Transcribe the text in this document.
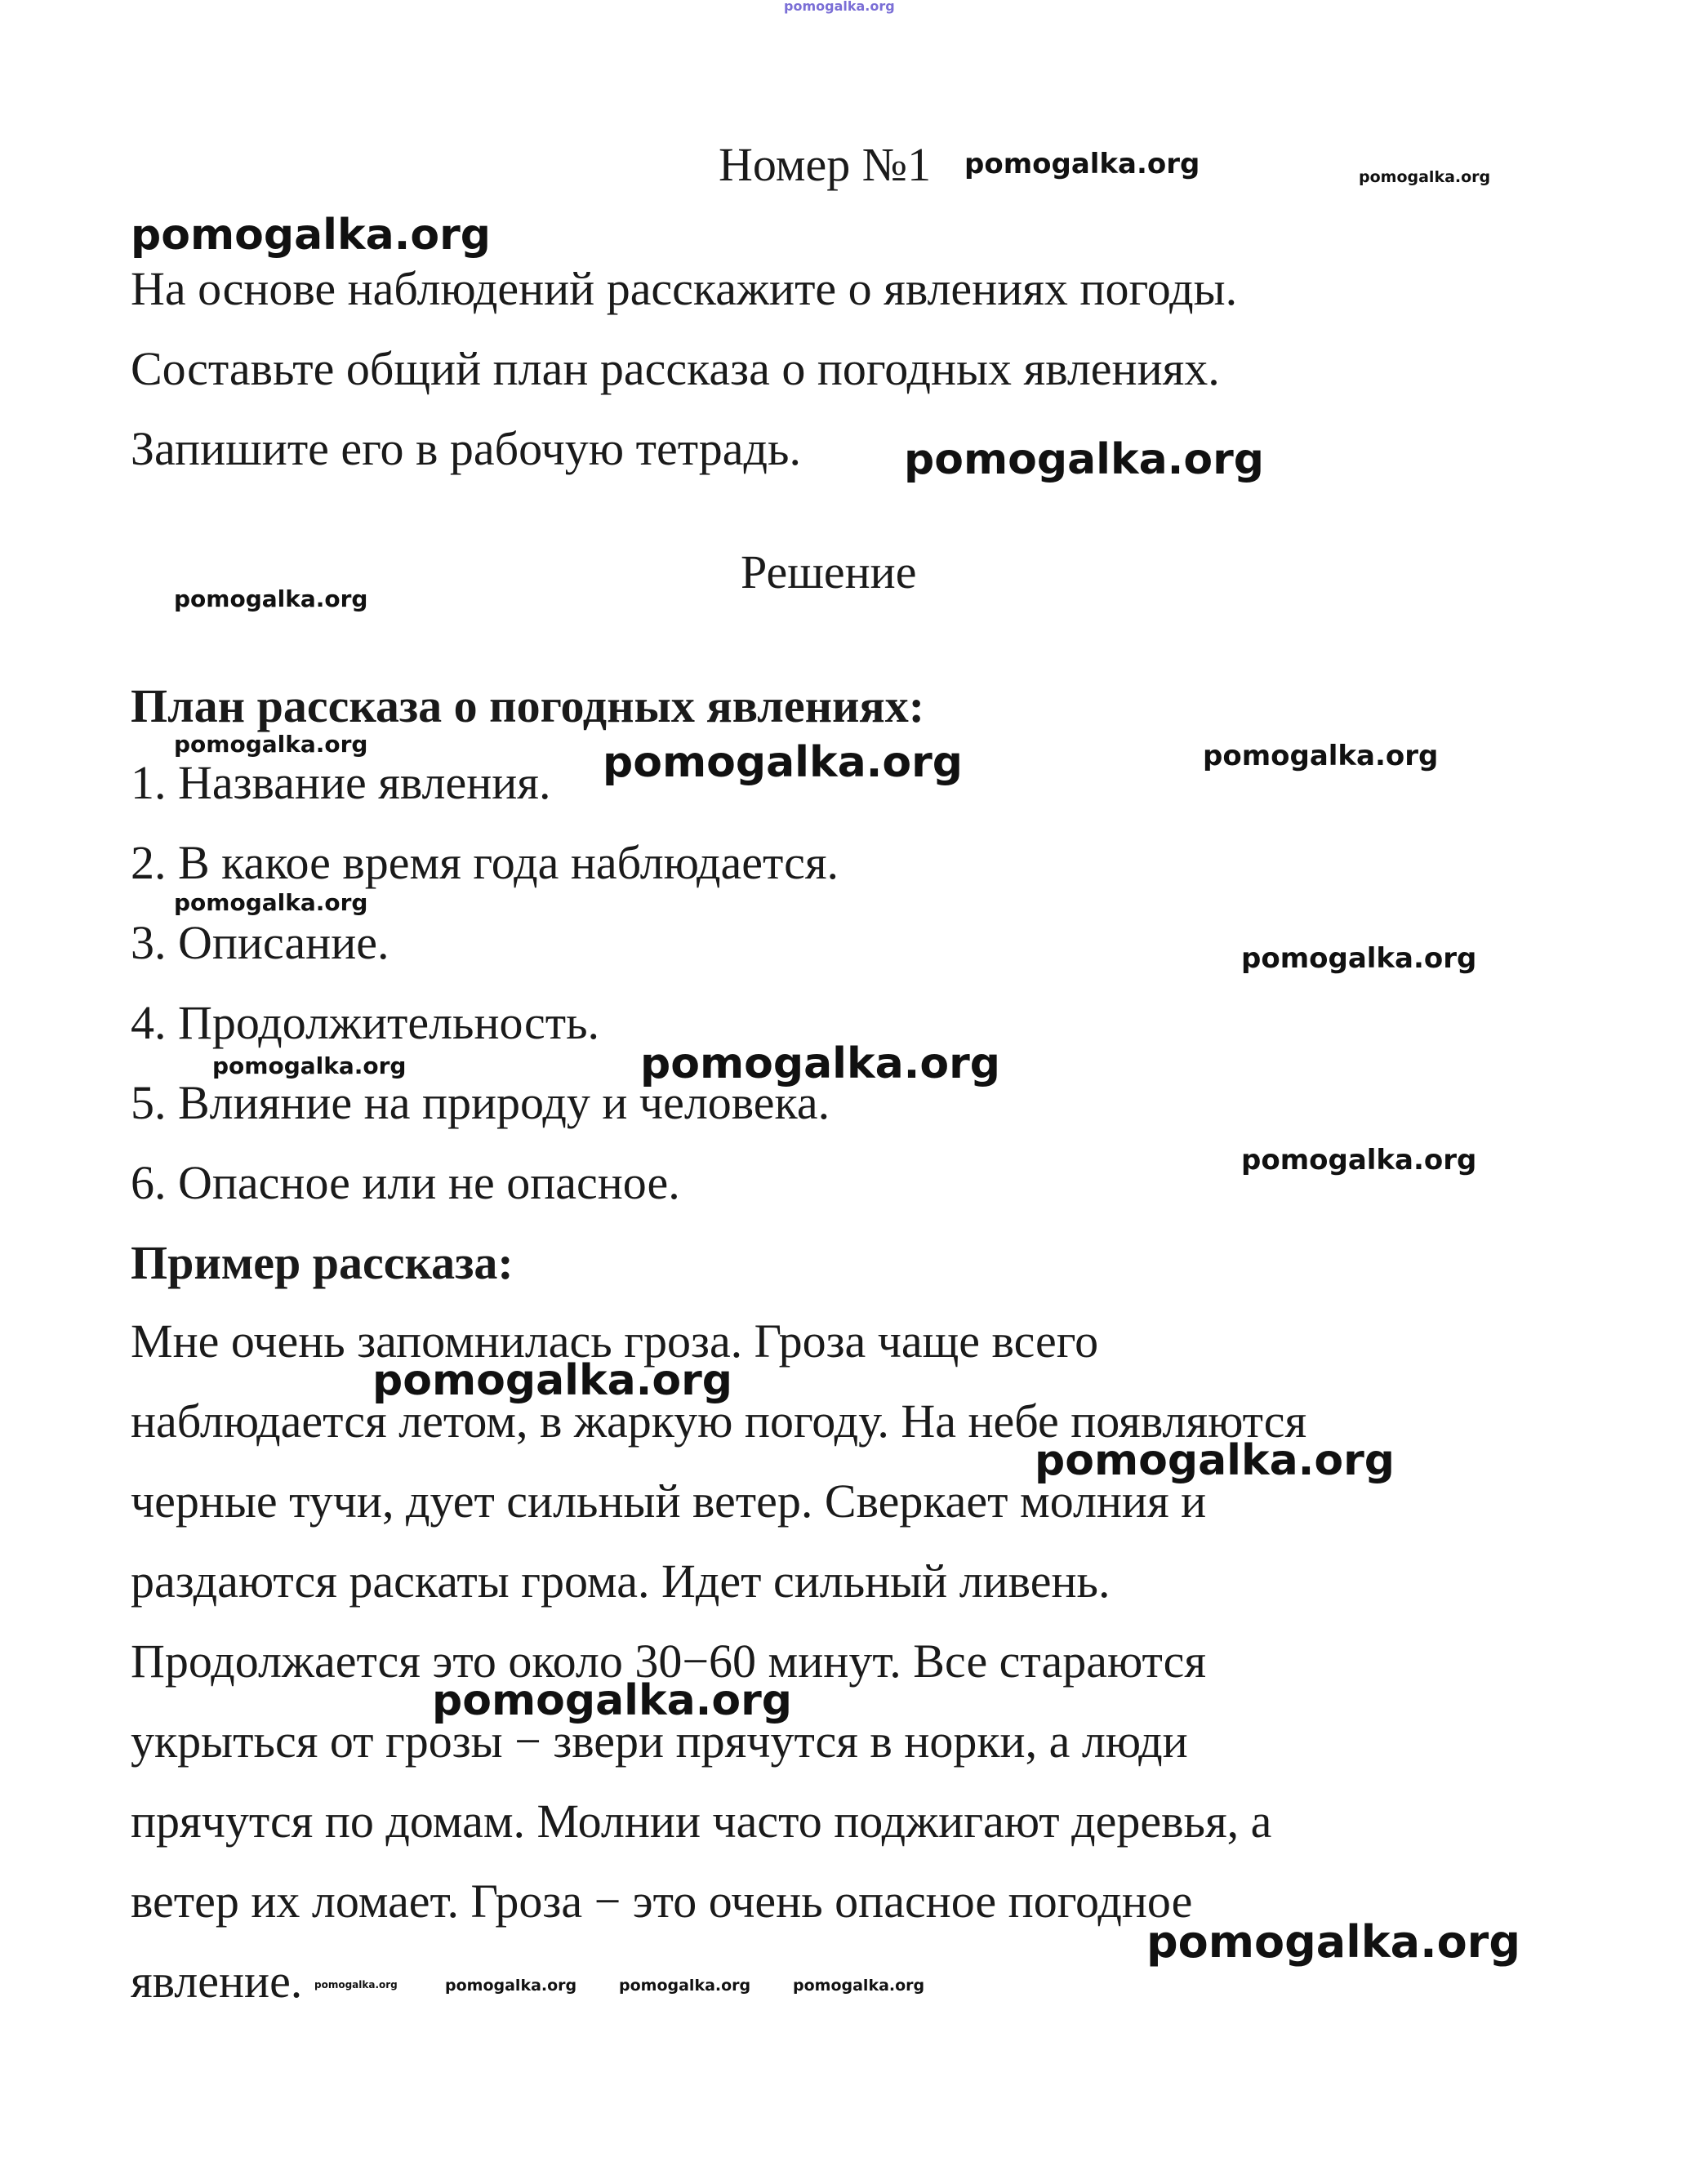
pomogalka.org
Номер №1 pomogalka.org	pomogalka.org
pomogalka.org
На основе наблюдений расскажите о явлениях погоды.
Составьте общий план рассказа о погодных явлениях.
Запишите его в рабочую тетрадь. pomogalka.org
Решение
pomogalka.org
План рассказа о погодных явлениях:
pomogalka.org
1. Название явления. pomogalka.org	pomogalka.org
2. В какое время года наблюдается.
pomogalka.org
3. Описание.	pomogalka.org
4. Продолжительность.
pomogalka.org	pomogalka.org
5. Влияние на природу и человека.
pomogalka.org
6. Опасное или не опасное.
Пример рассказа:
Мне очень запомнилась гроза. Гроза чаще всего
pomogalka.org
наблюдается летом, в жаркую погоду. На небе появляются
pomogalka.org
черные тучи, дует сильный ветер. Сверкает молния и
раздаются раскаты грома. Идет сильный ливень.
Продолжается это около 30−60 минут. Все стараются
pomogalka.org
укрыться от грозы − звери прячутся в норки, а люди
прячутся по домам. Молнии часто поджигают деревья, а
ветер их ломает. Гроза − это очень опасное погодное
pomogalka.org
явление. pomogalka.org	pomogalka.org	pomogalka.org	pomogalka.org
